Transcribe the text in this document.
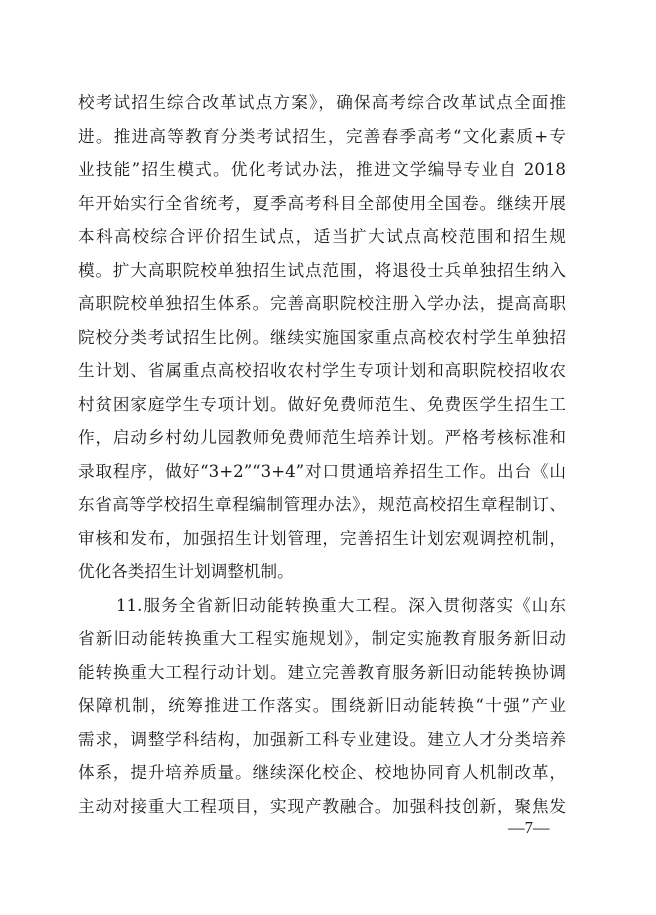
校考试招生综合改革试点方案》，确保高考综合改革试点全面推
进。推进高等教育分类考试招生，完善春季高考“文化素质+专
业技能”招生模式。优化考试办法，推进文学编导专业自 2018
年开始实行全省统考，夏季高考科目全部使用全国卷。继续开展
本科高校综合评价招生试点，适当扩大试点高校范围和招生规
模。扩大高职院校单独招生试点范围，将退役士兵单独招生纳入
高职院校单独招生体系。完善高职院校注册入学办法，提高高职
院校分类考试招生比例。继续实施国家重点高校农村学生单独招
生计划、省属重点高校招收农村学生专项计划和高职院校招收农
村贫困家庭学生专项计划。做好免费师范生、免费医学生招生工
作，启动乡村幼儿园教师免费师范生培养计划。严格考核标准和
录取程序，做好“3+2”“3+4”对口贯通培养招生工作。出台《山
东省高等学校招生章程编制管理办法》，规范高校招生章程制订、
审核和发布，加强招生计划管理，完善招生计划宏观调控机制，
优化各类招生计划调整机制。
11.服务全省新旧动能转换重大工程。深入贯彻落实《山东
省新旧动能转换重大工程实施规划》，制定实施教育服务新旧动
能转换重大工程行动计划。建立完善教育服务新旧动能转换协调
保障机制，统筹推进工作落实。围绕新旧动能转换“十强”产业
需求，调整学科结构，加强新工科专业建设。建立人才分类培养
体系，提升培养质量。继续深化校企、校地协同育人机制改革，
主动对接重大工程项目，实现产教融合。加强科技创新，聚焦发
—7—
